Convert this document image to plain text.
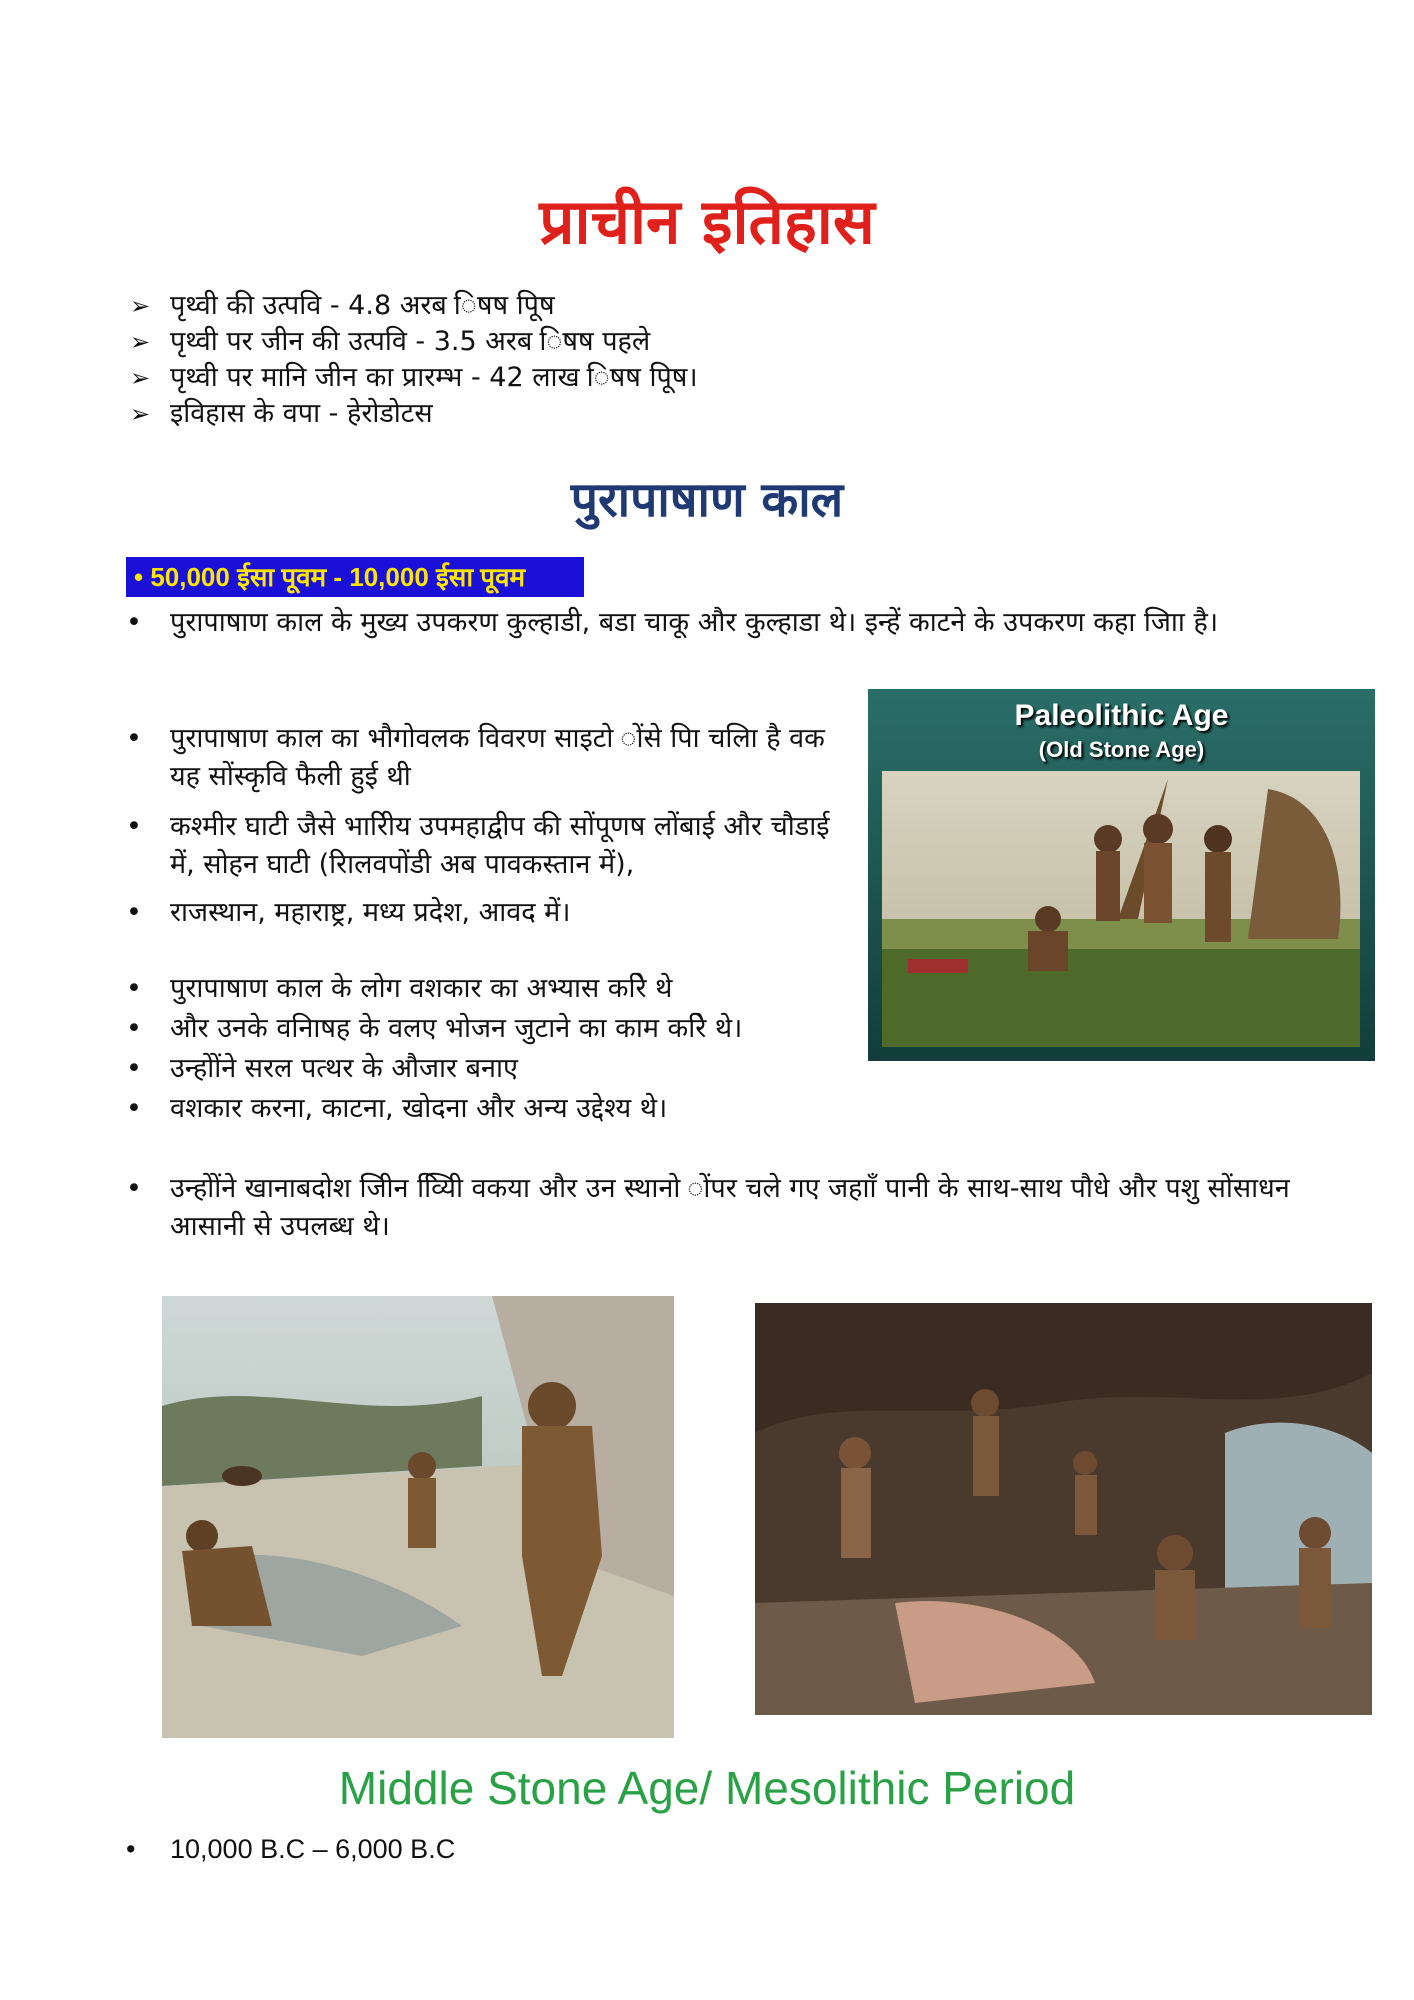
प्राचीन इतिहास
➢ पृथ्वी की उत्पवि - 4.8 अरब िषष पूिष
➢ पृथ्वी पर जीन की उत्पवि - 3.5 अरब िषष पहले
➢ पृथ्वी पर मानि जीन का प्रारम्भ - 42 लाख िषष पूिष।
➢ इविहास के वपा - हेरोडोटस
पुरापाषाण काल
• 50,000 ईसा पूवम - 10,000 ईसा पूवम
• पुरापाषाण काल के मुख्य उपकरण कुल्हाडी, बडा चाकू और कुल्हाडा थे। इन्हें काटने के उपकरण कहा जािा है।
• पुरापाषाण काल का भौगोवलक विवरण साइटो ोंसे पिा चलिा है वक यह सोंस्कृवि फैली हुई थी
• कश्मीर घाटी जैसे भारिीय उपमहाद्वीप की सोंपूणष लोंबाई और चौडाई में, सोहन घाटी (रािलवपोंडी अब पावकस्तान में),
• राजस्थान, महाराष्ट्र, मध्य प्रदेश, आवद में।
• पुरापाषाण काल के लोग वशकार का अभ्यास करिे थे
• और उनके वनिाषह के वलए भोजन जुटाने का काम करिे थे।
• उन्होोंने सरल पत्थर के औजार बनाए
• वशकार करना, काटना, खोदना और अन्य उद्देश्य थे।
• उन्होोंने खानाबदोश जीिन व्यिीि वकया और उन स्थानो ोंपर चले गए जहााँ पानी के साथ-साथ पौधे और पशु सोंसाधन आसानी से उपलब्ध थे।
Paleolithic Age
(Old Stone Age)
Middle Stone Age/ Mesolithic Period
•	10,000 B.C – 6,000 B.C
